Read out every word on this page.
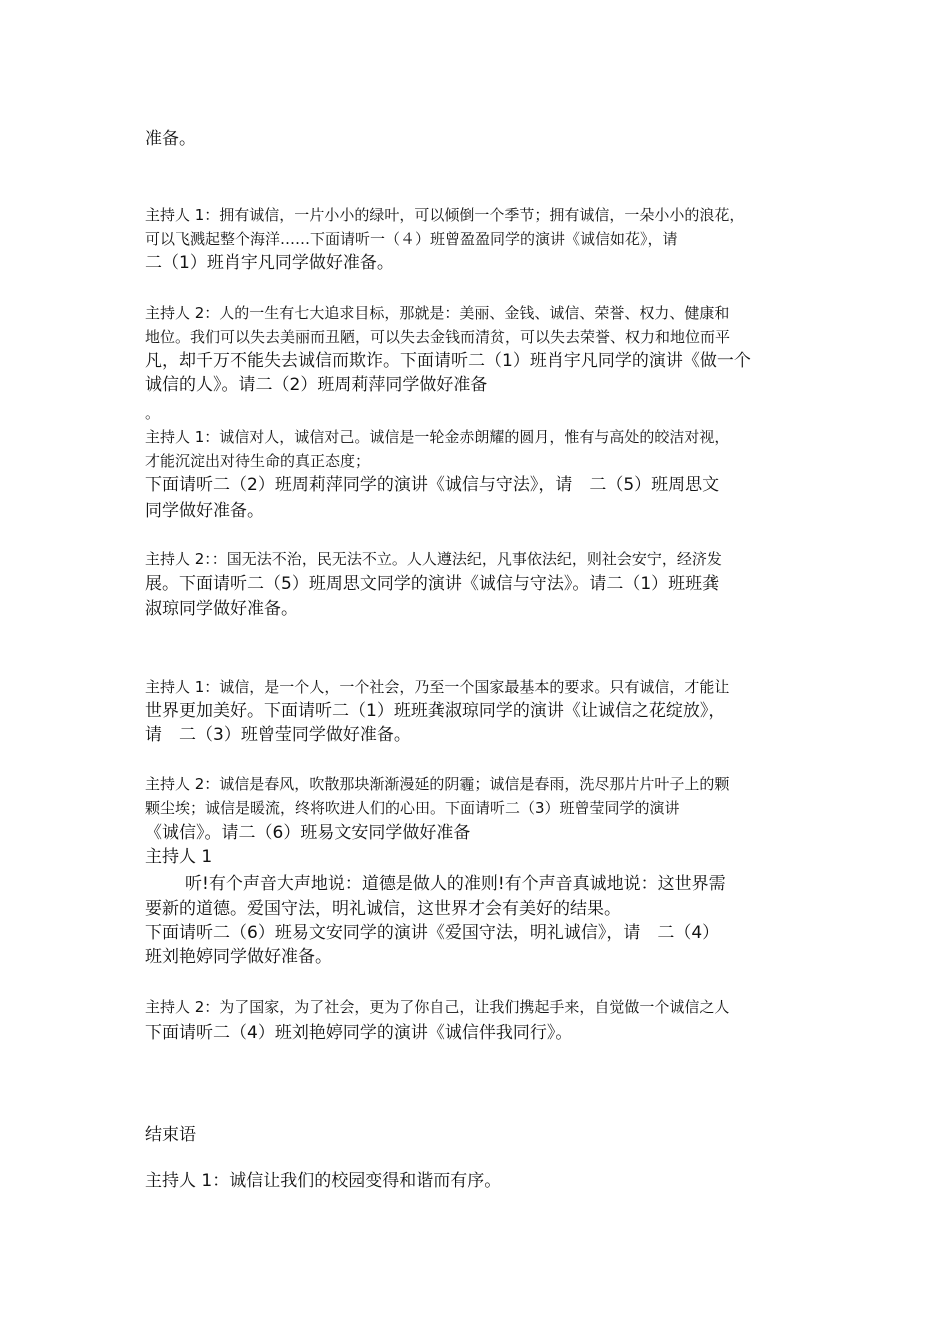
准备。
主持人 1：拥有诚信，一片小小的绿叶，可以倾倒一个季节；拥有诚信，一朵小小的浪花，
可以飞溅起整个海洋……下面请听一（４）班曾盈盈同学的演讲《诚信如花》，请
二（1）班肖宇凡同学做好准备。
主持人 2：人的一生有七大追求目标，那就是：美丽、金钱、诚信、荣誉、权力、健康和
地位。我们可以失去美丽而丑陋，可以失去金钱而清贫，可以失去荣誉、权力和地位而平
凡，却千万不能失去诚信而欺诈。下面请听二（1）班肖宇凡同学的演讲《做一个
诚信的人》。请二（2）班周莉萍同学做好准备
。
主持人 1：诚信对人，诚信对己。诚信是一轮金赤朗耀的圆月，惟有与高处的皎洁对视，
才能沉淀出对待生命的真正态度；
下面请听二（2）班周莉萍同学的演讲《诚信与守法》，请　二（5）班周思文
同学做好准备。
主持人 2：：国无法不治，民无法不立。人人遵法纪，凡事依法纪，则社会安宁，经济发
展。下面请听二（5）班周思文同学的演讲《诚信与守法》。请二（1）班班龚
淑琼同学做好准备。
主持人 1：诚信，是一个人，一个社会，乃至一个国家最基本的要求。只有诚信，才能让
世界更加美好。下面请听二（1）班班龚淑琼同学的演讲《让诚信之花绽放》，
请　二（3）班曾莹同学做好准备。
主持人 2：诚信是春风，吹散那块渐渐漫延的阴霾；诚信是春雨，洗尽那片片叶子上的颗
颗尘埃；诚信是暖流，终将吹进人们的心田。下面请听二（3）班曾莹同学的演讲
《诚信》。请二（6）班易文安同学做好准备
主持人 1
听!有个声音大声地说：道德是做人的准则!有个声音真诚地说：这世界需
要新的道德。爱国守法，明礼诚信，这世界才会有美好的结果。
下面请听二（6）班易文安同学的演讲《爱国守法，明礼诚信》，请　二（4）
班刘艳婷同学做好准备。
主持人 2：为了国家，为了社会，更为了你自己，让我们携起手来，自觉做一个诚信之人
下面请听二（4）班刘艳婷同学的演讲《诚信伴我同行》。
结束语
主持人 1：诚信让我们的校园变得和谐而有序。
